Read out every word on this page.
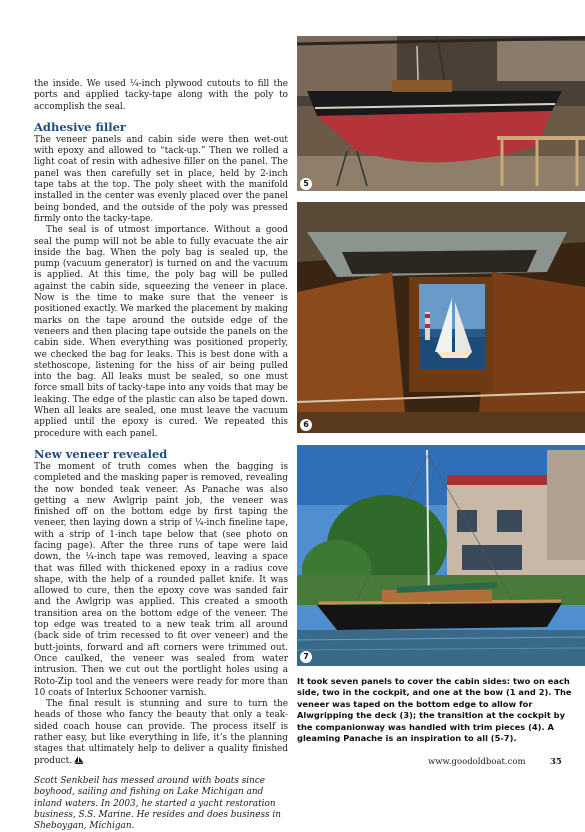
the inside. We used ¼-inch plywood cutouts to fill the ports and applied tacky-tape along with the poly to accomplish the seal.

Adhesive filler

The veneer panels and cabin side were then wet-out with epoxy and allowed to “tack-up.” Then we rolled a light coat of resin with adhesive filler on the panel. The panel was then carefully set in place, held by 2-inch tape tabs at the top. The poly sheet with the manifold installed in the center was evenly placed over the panel being bonded, and the outside of the poly was pressed firmly onto the tacky-tape.

The seal is of utmost importance. Without a good seal the pump will not be able to fully evacuate the air inside the bag. When the poly bag is sealed up, the pump (vacuum generator) is turned on and the vacuum is applied. At this time, the poly bag will be pulled against the cabin side, squeezing the veneer in place. Now is the time to make sure that the veneer is positioned exactly. We marked the placement by making marks on the tape around the outside edge of the veneers and then placing tape outside the panels on the cabin side. When everything was positioned properly, we checked the bag for leaks. This is best done with a stethoscope, listening for the hiss of air being pulled into the bag. All leaks must be sealed, so one must force small bits of tacky-tape into any voids that may be leaking. The edge of the plastic can also be taped down. When all leaks are sealed, one must leave the vacuum applied until the epoxy is cured. We repeated this procedure with each panel.

New veneer revealed

The moment of truth comes when the bagging is completed and the masking paper is removed, revealing the now bonded teak veneer. As Panache was also getting a new Awlgrip paint job, the veneer was finished off on the bottom edge by first taping the veneer, then laying down a strip of ¼-inch fineline tape, with a strip of 1-inch tape below that (see photo on facing page). After the three runs of tape were laid down, the ¼-inch tape was removed, leaving a space that was filled with thickened epoxy in a radius cove shape, with the help of a rounded pallet knife. It was allowed to cure, then the epoxy cove was sanded fair and the Awlgrip was applied. This created a smooth transition area on the bottom edge of the veneer. The top edge was treated to a new teak trim all around (back side of trim recessed to fit over veneer) and the butt-joints, forward and aft corners were trimmed out. Once caulked, the veneer was sealed from water intrusion. Then we cut out the portlight holes using a Roto-Zip tool and the veneers were ready for more than 10 coats of Interlux Schooner varnish.

The final result is stunning and sure to turn the heads of those who fancy the beauty that only a teak-sided coach house can provide. The process itself is rather easy, but like everything in life, it’s the planning stages that ultimately help to deliver a quality finished product.

Scott Senkbeil has messed around with boats since boyhood, sailing and fishing on Lake Michigan and inland waters. In 2003, he started a yacht restoration business, S.S. Marine. He resides and does business in Sheboygan, Michigan.

5
6
7
It took seven panels to cover the cabin sides: two on each side, two in the cockpit, and one at the bow (1 and 2). The veneer was taped on the bottom edge to allow for Alwgripping the deck (3); the transition at the cockpit by the companionway was handled with trim pieces (4). A gleaming Panache is an inspiration to all (5-7).
www.goodoldboat.com	35
